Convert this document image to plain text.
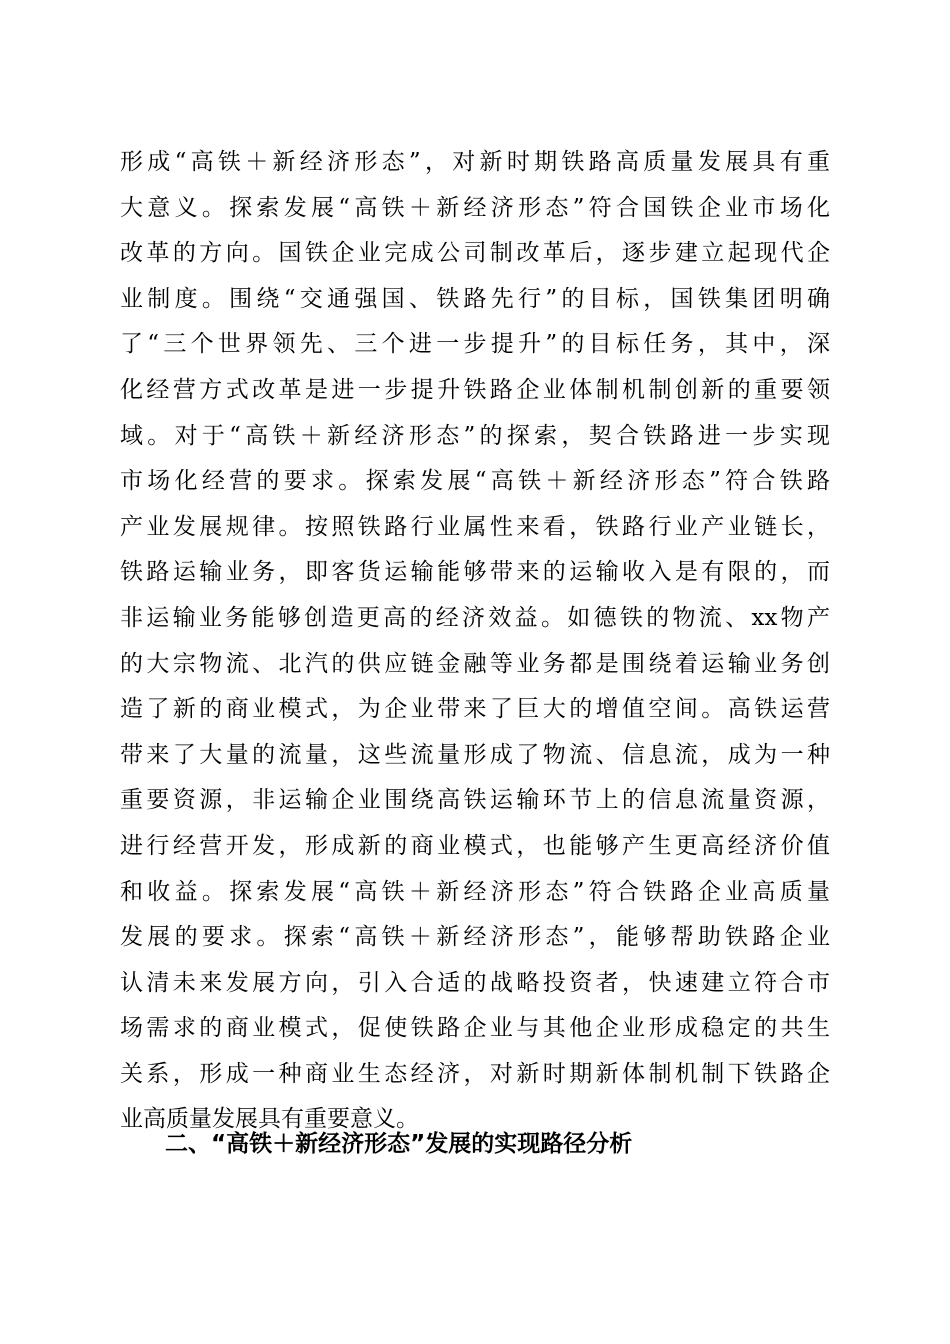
形成“高铁＋新经济形态”，对新时期铁路高质量发展具有重
大意义。探索发展“高铁＋新经济形态”符合国铁企业市场化
改革的方向。国铁企业完成公司制改革后，逐步建立起现代企
业制度。围绕“交通强国、铁路先行”的目标，国铁集团明确
了“三个世界领先、三个进一步提升”的目标任务，其中，深
化经营方式改革是进一步提升铁路企业体制机制创新的重要领
域。对于“高铁＋新经济形态”的探索，契合铁路进一步实现
市场化经营的要求。探索发展“高铁＋新经济形态”符合铁路
产业发展规律。按照铁路行业属性来看，铁路行业产业链长，
铁路运输业务，即客货运输能够带来的运输收入是有限的，而
非运输业务能够创造更高的经济效益。如德铁的物流、xx物产
的大宗物流、北汽的供应链金融等业务都是围绕着运输业务创
造了新的商业模式，为企业带来了巨大的增值空间。高铁运营
带来了大量的流量，这些流量形成了物流、信息流，成为一种
重要资源，非运输企业围绕高铁运输环节上的信息流量资源，
进行经营开发，形成新的商业模式，也能够产生更高经济价值
和收益。探索发展“高铁＋新经济形态”符合铁路企业高质量
发展的要求。探索“高铁＋新经济形态”，能够帮助铁路企业
认清未来发展方向，引入合适的战略投资者，快速建立符合市
场需求的商业模式，促使铁路企业与其他企业形成稳定的共生
关系，形成一种商业生态经济，对新时期新体制机制下铁路企
业高质量发展具有重要意义。
二、“高铁＋新经济形态”发展的实现路径分析
